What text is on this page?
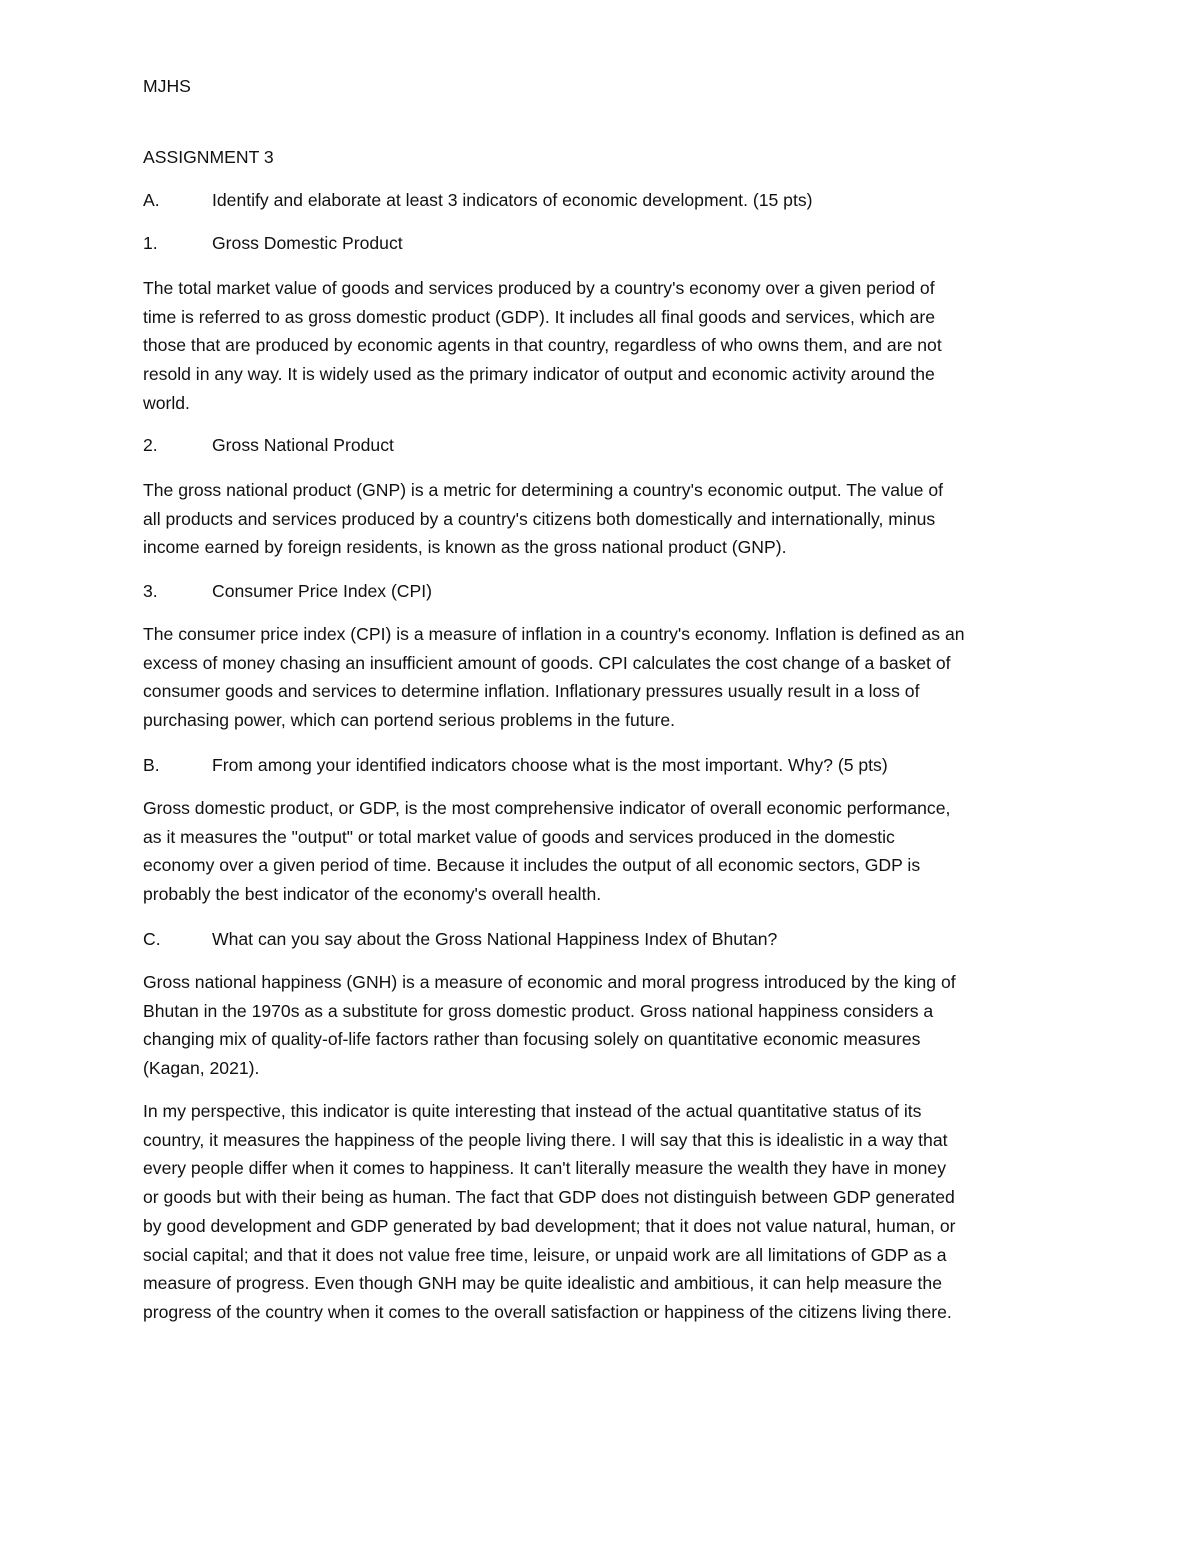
MJHS

ASSIGNMENT 3

A.	Identify and elaborate at least 3 indicators of economic development. (15 pts)
1.	Gross Domestic Product
The total market value of goods and services produced by a country's economy over a given period of
time is referred to as gross domestic product (GDP). It includes all final goods and services, which are
those that are produced by economic agents in that country, regardless of who owns them, and are not
resold in any way. It is widely used as the primary indicator of output and economic activity around the
world.
2.	Gross National Product
The gross national product (GNP) is a metric for determining a country's economic output. The value of
all products and services produced by a country's citizens both domestically and internationally, minus
income earned by foreign residents, is known as the gross national product (GNP).
3.	Consumer Price Index (CPI)
The consumer price index (CPI) is a measure of inflation in a country's economy. Inflation is defined as an
excess of money chasing an insufficient amount of goods. CPI calculates the cost change of a basket of
consumer goods and services to determine inflation. Inflationary pressures usually result in a loss of
purchasing power, which can portend serious problems in the future.
B.	From among your identified indicators choose what is the most important. Why? (5 pts)
Gross domestic product, or GDP, is the most comprehensive indicator of overall economic performance,
as it measures the "output" or total market value of goods and services produced in the domestic
economy over a given period of time. Because it includes the output of all economic sectors, GDP is
probably the best indicator of the economy's overall health.
C.	What can you say about the Gross National Happiness Index of Bhutan?
Gross national happiness (GNH) is a measure of economic and moral progress introduced by the king of
Bhutan in the 1970s as a substitute for gross domestic product. Gross national happiness considers a
changing mix of quality-of-life factors rather than focusing solely on quantitative economic measures
(Kagan, 2021).
In my perspective, this indicator is quite interesting that instead of the actual quantitative status of its
country, it measures the happiness of the people living there. I will say that this is idealistic in a way that
every people differ when it comes to happiness. It can't literally measure the wealth they have in money
or goods but with their being as human. The fact that GDP does not distinguish between GDP generated
by good development and GDP generated by bad development; that it does not value natural, human, or
social capital; and that it does not value free time, leisure, or unpaid work are all limitations of GDP as a
measure of progress. Even though GNH may be quite idealistic and ambitious, it can help measure the
progress of the country when it comes to the overall satisfaction or happiness of the citizens living there.
